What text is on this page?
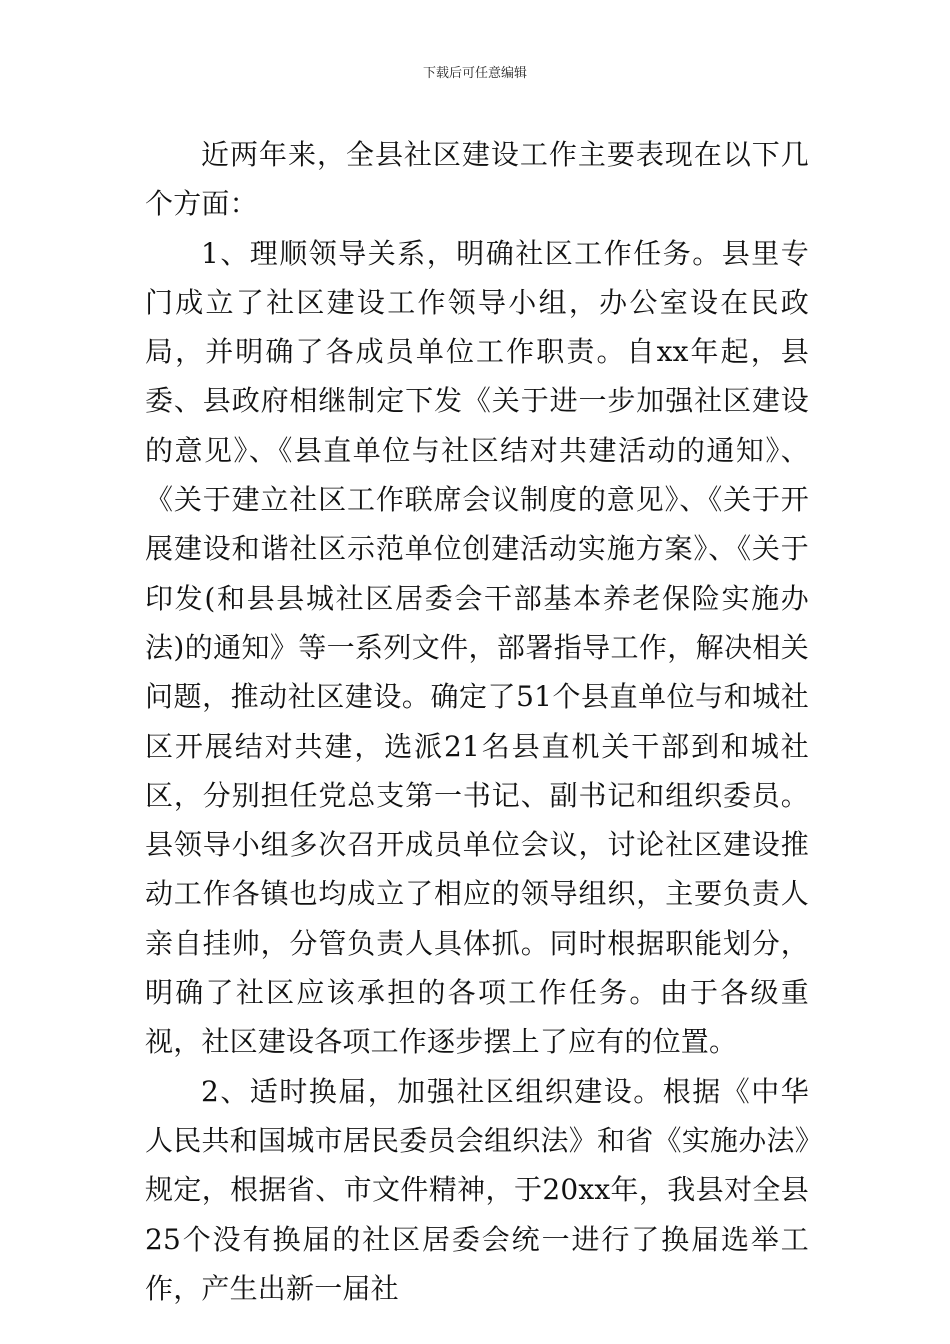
下载后可任意编辑

近两年来，全县社区建设工作主要表现在以下几个方面：

1、理顺领导关系，明确社区工作任务。县里专门成立了社区建设工作领导小组，办公室设在民政局，并明确了各成员单位工作职责。自xx年起，县委、县政府相继制定下发《关于进一步加强社区建设的意见》、《县直单位与社区结对共建活动的通知》、《关于建立社区工作联席会议制度的意见》、《关于开展建设和谐社区示范单位创建活动实施方案》、《关于印发(和县县城社区居委会干部基本养老保险实施办法)的通知》等一系列文件，部署指导工作，解决相关问题，推动社区建设。确定了51个县直单位与和城社区开展结对共建，选派21名县直机关干部到和城社区，分别担任党总支第一书记、副书记和组织委员。县领导小组多次召开成员单位会议，讨论社区建设推动工作各镇也均成立了相应的领导组织，主要负责人亲自挂帅，分管负责人具体抓。同时根据职能划分，明确了社区应该承担的各项工作任务。由于各级重视，社区建设各项工作逐步摆上了应有的位置。

2、适时换届，加强社区组织建设。根据《中华人民共和国城市居民委员会组织法》和省《实施办法》规定，根据省、市文件精神，于20xx年，我县对全县25个没有换届的社区居委会统一进行了换届选举工作，产生出新一届社
